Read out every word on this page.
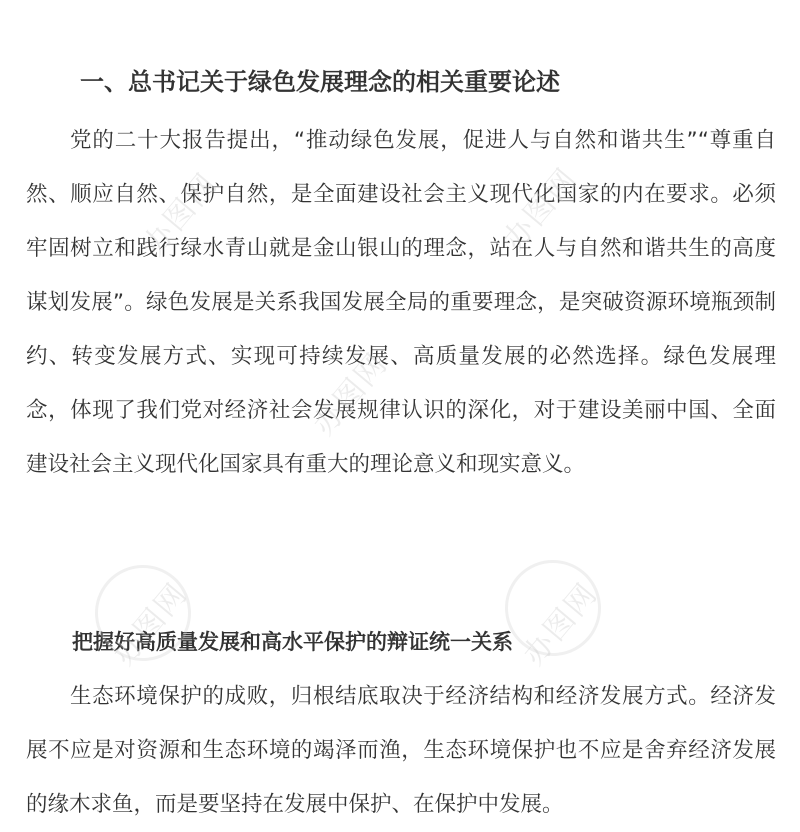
一、总书记关于绿色发展理念的相关重要论述
党的二十大报告提出，“推动绿色发展，促进人与自然和谐共生”“尊重自然、顺应自然、保护自然，是全面建设社会主义现代化国家的内在要求。必须牢固树立和践行绿水青山就是金山银山的理念，站在人与自然和谐共生的高度谋划发展”。绿色发展是关系我国发展全局的重要理念，是突破资源环境瓶颈制约、转变发展方式、实现可持续发展、高质量发展的必然选择。绿色发展理念，体现了我们党对经济社会发展规律认识的深化，对于建设美丽中国、全面建设社会主义现代化国家具有重大的理论意义和现实意义。
把握好高质量发展和高水平保护的辩证统一关系
生态环境保护的成败，归根结底取决于经济结构和经济发展方式。经济发展不应是对资源和生态环境的竭泽而渔，生态环境保护也不应是舍弃经济发展的缘木求鱼，而是要坚持在发展中保护、在保护中发展。
办图网	办图网
办图网
办图网	办图网
